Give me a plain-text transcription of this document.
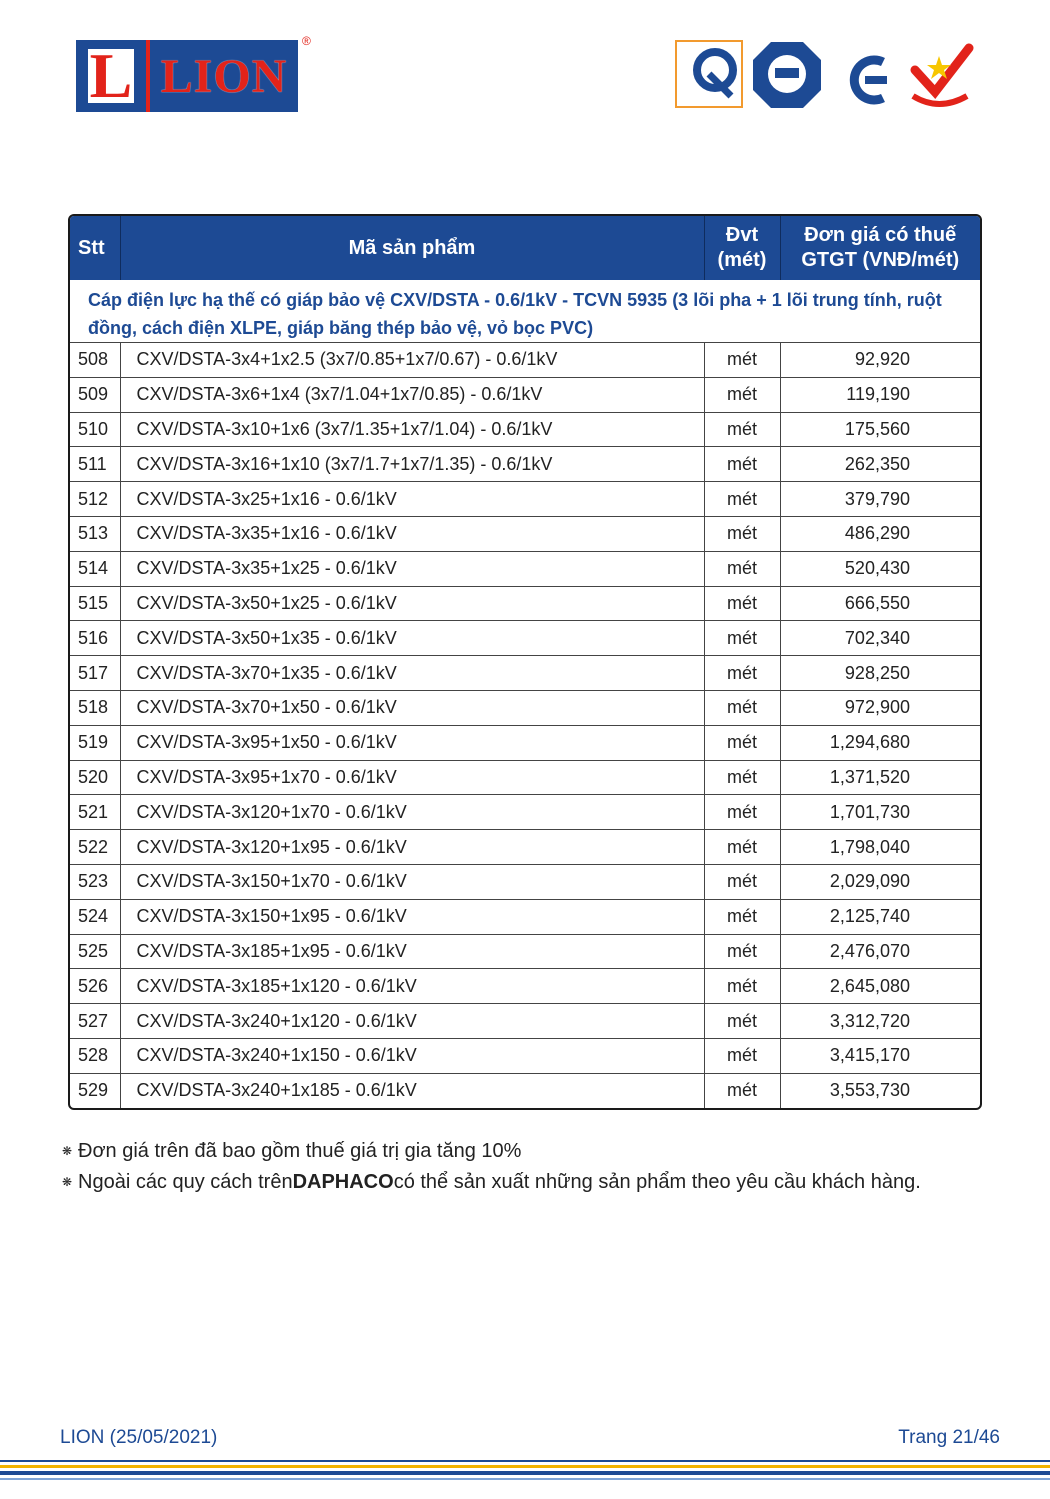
L LION
®
Stt	Mã sản phẩm	Đvt (mét)	Đơn giá có thuế GTGT (VNĐ/mét)
Cáp điện lực hạ thế có giáp bảo vệ CXV/DSTA - 0.6/1kV - TCVN 5935 (3 lõi pha + 1 lõi trung tính, ruột đồng, cách điện XLPE, giáp băng thép bảo vệ, vỏ bọc PVC)			
508	CXV/DSTA-3x4+1x2.5 (3x7/0.85+1x7/0.67) - 0.6/1kV	mét	92,920
509	CXV/DSTA-3x6+1x4 (3x7/1.04+1x7/0.85) - 0.6/1kV	mét	119,190
510	CXV/DSTA-3x10+1x6 (3x7/1.35+1x7/1.04) - 0.6/1kV	mét	175,560
511	CXV/DSTA-3x16+1x10 (3x7/1.7+1x7/1.35) - 0.6/1kV	mét	262,350
512	CXV/DSTA-3x25+1x16 - 0.6/1kV	mét	379,790
513	CXV/DSTA-3x35+1x16 - 0.6/1kV	mét	486,290
514	CXV/DSTA-3x35+1x25 - 0.6/1kV	mét	520,430
515	CXV/DSTA-3x50+1x25 - 0.6/1kV	mét	666,550
516	CXV/DSTA-3x50+1x35 - 0.6/1kV	mét	702,340
517	CXV/DSTA-3x70+1x35 - 0.6/1kV	mét	928,250
518	CXV/DSTA-3x70+1x50 - 0.6/1kV	mét	972,900
519	CXV/DSTA-3x95+1x50 - 0.6/1kV	mét	1,294,680
520	CXV/DSTA-3x95+1x70 - 0.6/1kV	mét	1,371,520
521	CXV/DSTA-3x120+1x70 - 0.6/1kV	mét	1,701,730
522	CXV/DSTA-3x120+1x95 - 0.6/1kV	mét	1,798,040
523	CXV/DSTA-3x150+1x70 - 0.6/1kV	mét	2,029,090
524	CXV/DSTA-3x150+1x95 - 0.6/1kV	mét	2,125,740
525	CXV/DSTA-3x185+1x95 - 0.6/1kV	mét	2,476,070
526	CXV/DSTA-3x185+1x120 - 0.6/1kV	mét	2,645,080
527	CXV/DSTA-3x240+1x120 - 0.6/1kV	mét	3,312,720
528	CXV/DSTA-3x240+1x150 - 0.6/1kV	mét	3,415,170
529	CXV/DSTA-3x240+1x185 - 0.6/1kV	mét	3,553,730
❋ Đơn giá trên đã bao gồm thuế giá trị gia tăng 10%
❋ Ngoài các quy cách trên DAPHACO có thể sản xuất những sản phẩm theo yêu cầu khách hàng.
LION (25/05/2021)	Trang 21/46
